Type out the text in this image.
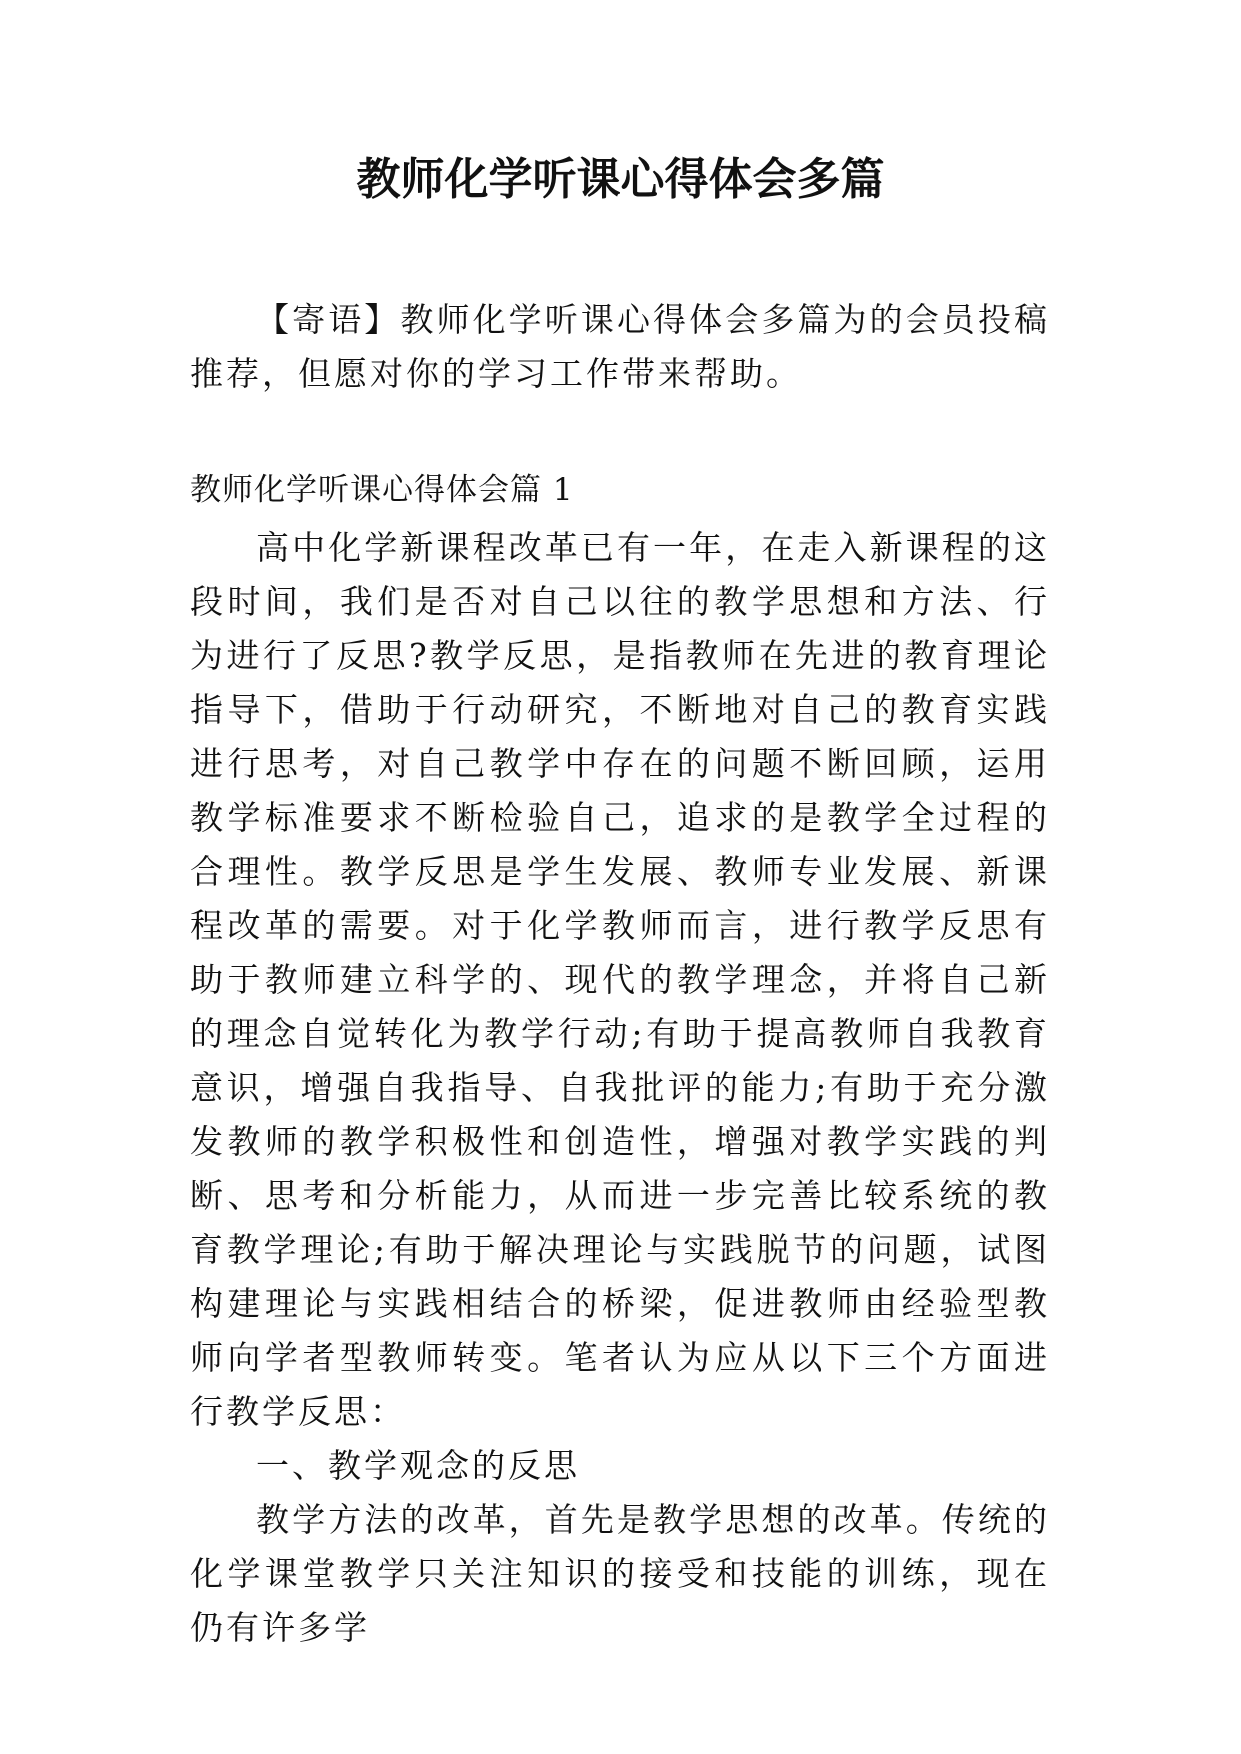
教师化学听课心得体会多篇

【寄语】教师化学听课心得体会多篇为的会员投稿推荐，但愿对你的学习工作带来帮助。

教师化学听课心得体会篇 1

高中化学新课程改革已有一年，在走入新课程的这段时间，我们是否对自己以往的教学思想和方法、行为进行了反思?教学反思，是指教师在先进的教育理论指导下，借助于行动研究，不断地对自己的教育实践进行思考，对自己教学中存在的问题不断回顾，运用教学标准要求不断检验自己，追求的是教学全过程的合理性。教学反思是学生发展、教师专业发展、新课程改革的需要。对于化学教师而言，进行教学反思有助于教师建立科学的、现代的教学理念，并将自己新的理念自觉转化为教学行动;有助于提高教师自我教育意识，增强自我指导、自我批评的能力;有助于充分激发教师的教学积极性和创造性，增强对教学实践的判断、思考和分析能力，从而进一步完善比较系统的教育教学理论;有助于解决理论与实践脱节的问题，试图构建理论与实践相结合的桥梁，促进教师由经验型教师向学者型教师转变。笔者认为应从以下三个方面进行教学反思：

一、教学观念的反思

教学方法的改革，首先是教学思想的改革。传统的化学课堂教学只关注知识的接受和技能的训练，现在仍有许多学
